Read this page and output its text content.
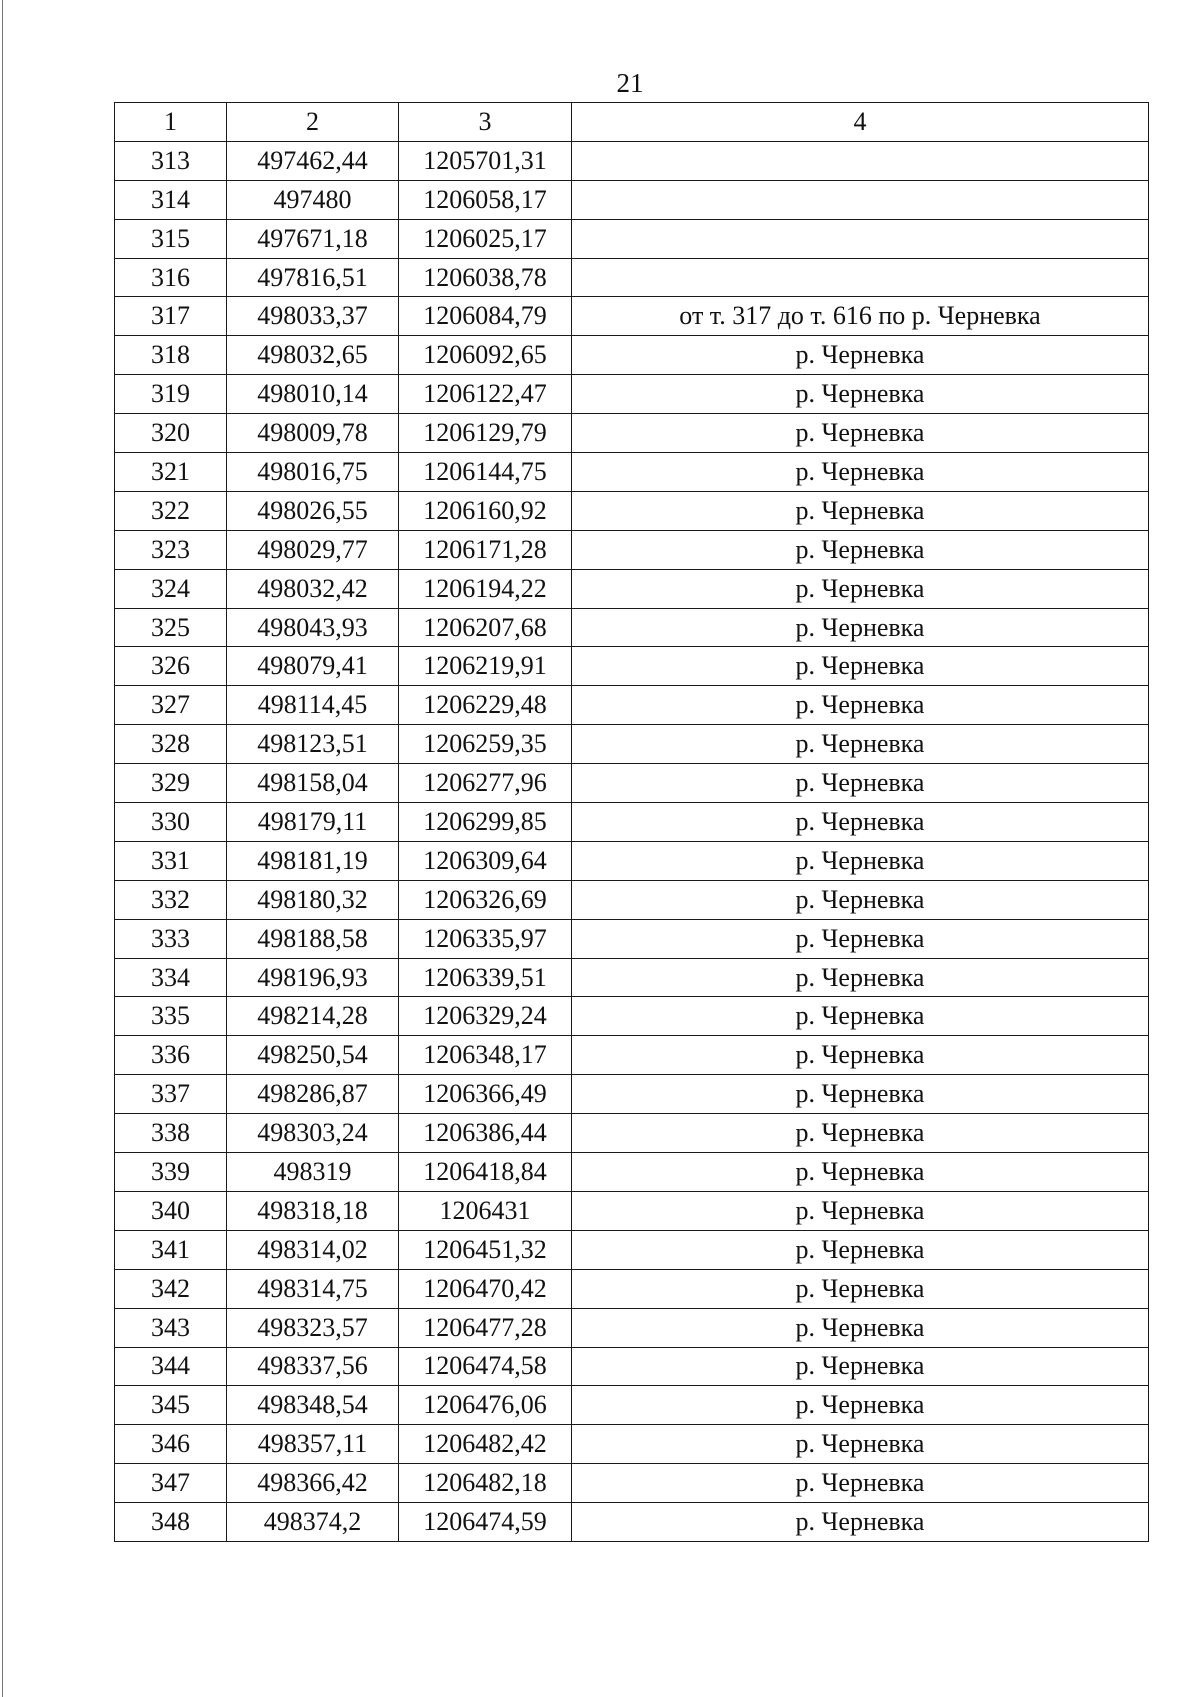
21
1	2	3	4
313	497462,44	1205701,31	
314	497480	1206058,17	
315	497671,18	1206025,17	
316	497816,51	1206038,78	
317	498033,37	1206084,79	от т. 317 до т. 616 по р. Черневка
318	498032,65	1206092,65	р. Черневка
319	498010,14	1206122,47	р. Черневка
320	498009,78	1206129,79	р. Черневка
321	498016,75	1206144,75	р. Черневка
322	498026,55	1206160,92	р. Черневка
323	498029,77	1206171,28	р. Черневка
324	498032,42	1206194,22	р. Черневка
325	498043,93	1206207,68	р. Черневка
326	498079,41	1206219,91	р. Черневка
327	498114,45	1206229,48	р. Черневка
328	498123,51	1206259,35	р. Черневка
329	498158,04	1206277,96	р. Черневка
330	498179,11	1206299,85	р. Черневка
331	498181,19	1206309,64	р. Черневка
332	498180,32	1206326,69	р. Черневка
333	498188,58	1206335,97	р. Черневка
334	498196,93	1206339,51	р. Черневка
335	498214,28	1206329,24	р. Черневка
336	498250,54	1206348,17	р. Черневка
337	498286,87	1206366,49	р. Черневка
338	498303,24	1206386,44	р. Черневка
339	498319	1206418,84	р. Черневка
340	498318,18	1206431	р. Черневка
341	498314,02	1206451,32	р. Черневка
342	498314,75	1206470,42	р. Черневка
343	498323,57	1206477,28	р. Черневка
344	498337,56	1206474,58	р. Черневка
345	498348,54	1206476,06	р. Черневка
346	498357,11	1206482,42	р. Черневка
347	498366,42	1206482,18	р. Черневка
348	498374,2	1206474,59	р. Черневка
